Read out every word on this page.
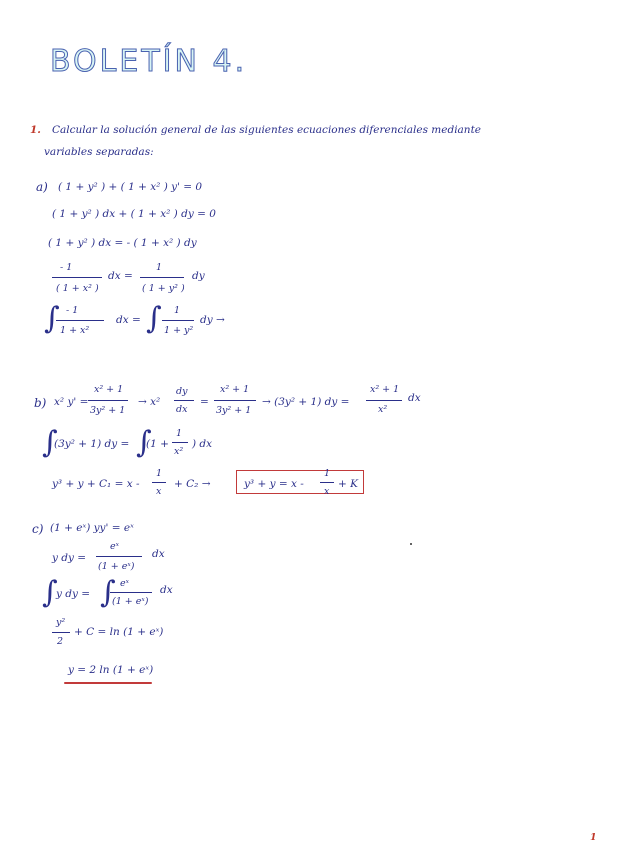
BOLETÍN 4.
1. Calcular la solución general de las siguientes ecuaciones diferenciales mediante
variables separadas:
a) ( 1 + y² ) + ( 1 + x² ) y' = 0
( 1 + y² ) dx + ( 1 + x² ) dy = 0
( 1 + y² ) dx = - ( 1 + x² ) dy
- 1
( 1 + x² )
dx =
1
( 1 + y² )
dy
∫ - 1
1 + x²
dx = ∫ 1
1 + y²
dy →
b) x² y' =
x² + 1
3y² + 1
→ x²
dy
dx
=
x² + 1
3y² + 1
→ (3y² + 1) dy =
x² + 1
x²
dx
∫
(3y² + 1) dy = ∫
(1 +
1
x²
) dx
y³ + y + C₁ = x -
1
x
+ C₂ →	y³ + y = x -
1
x
+ K
c) (1 + eˣ) yy' = eˣ
y dy =
eˣ
(1 + eˣ)
dx
∫
y dy = ∫ eˣ
(1 + eˣ)
dx
y²
2
+ C = ln (1 + eˣ)
y = 2 ln (1 + eˣ)
1
